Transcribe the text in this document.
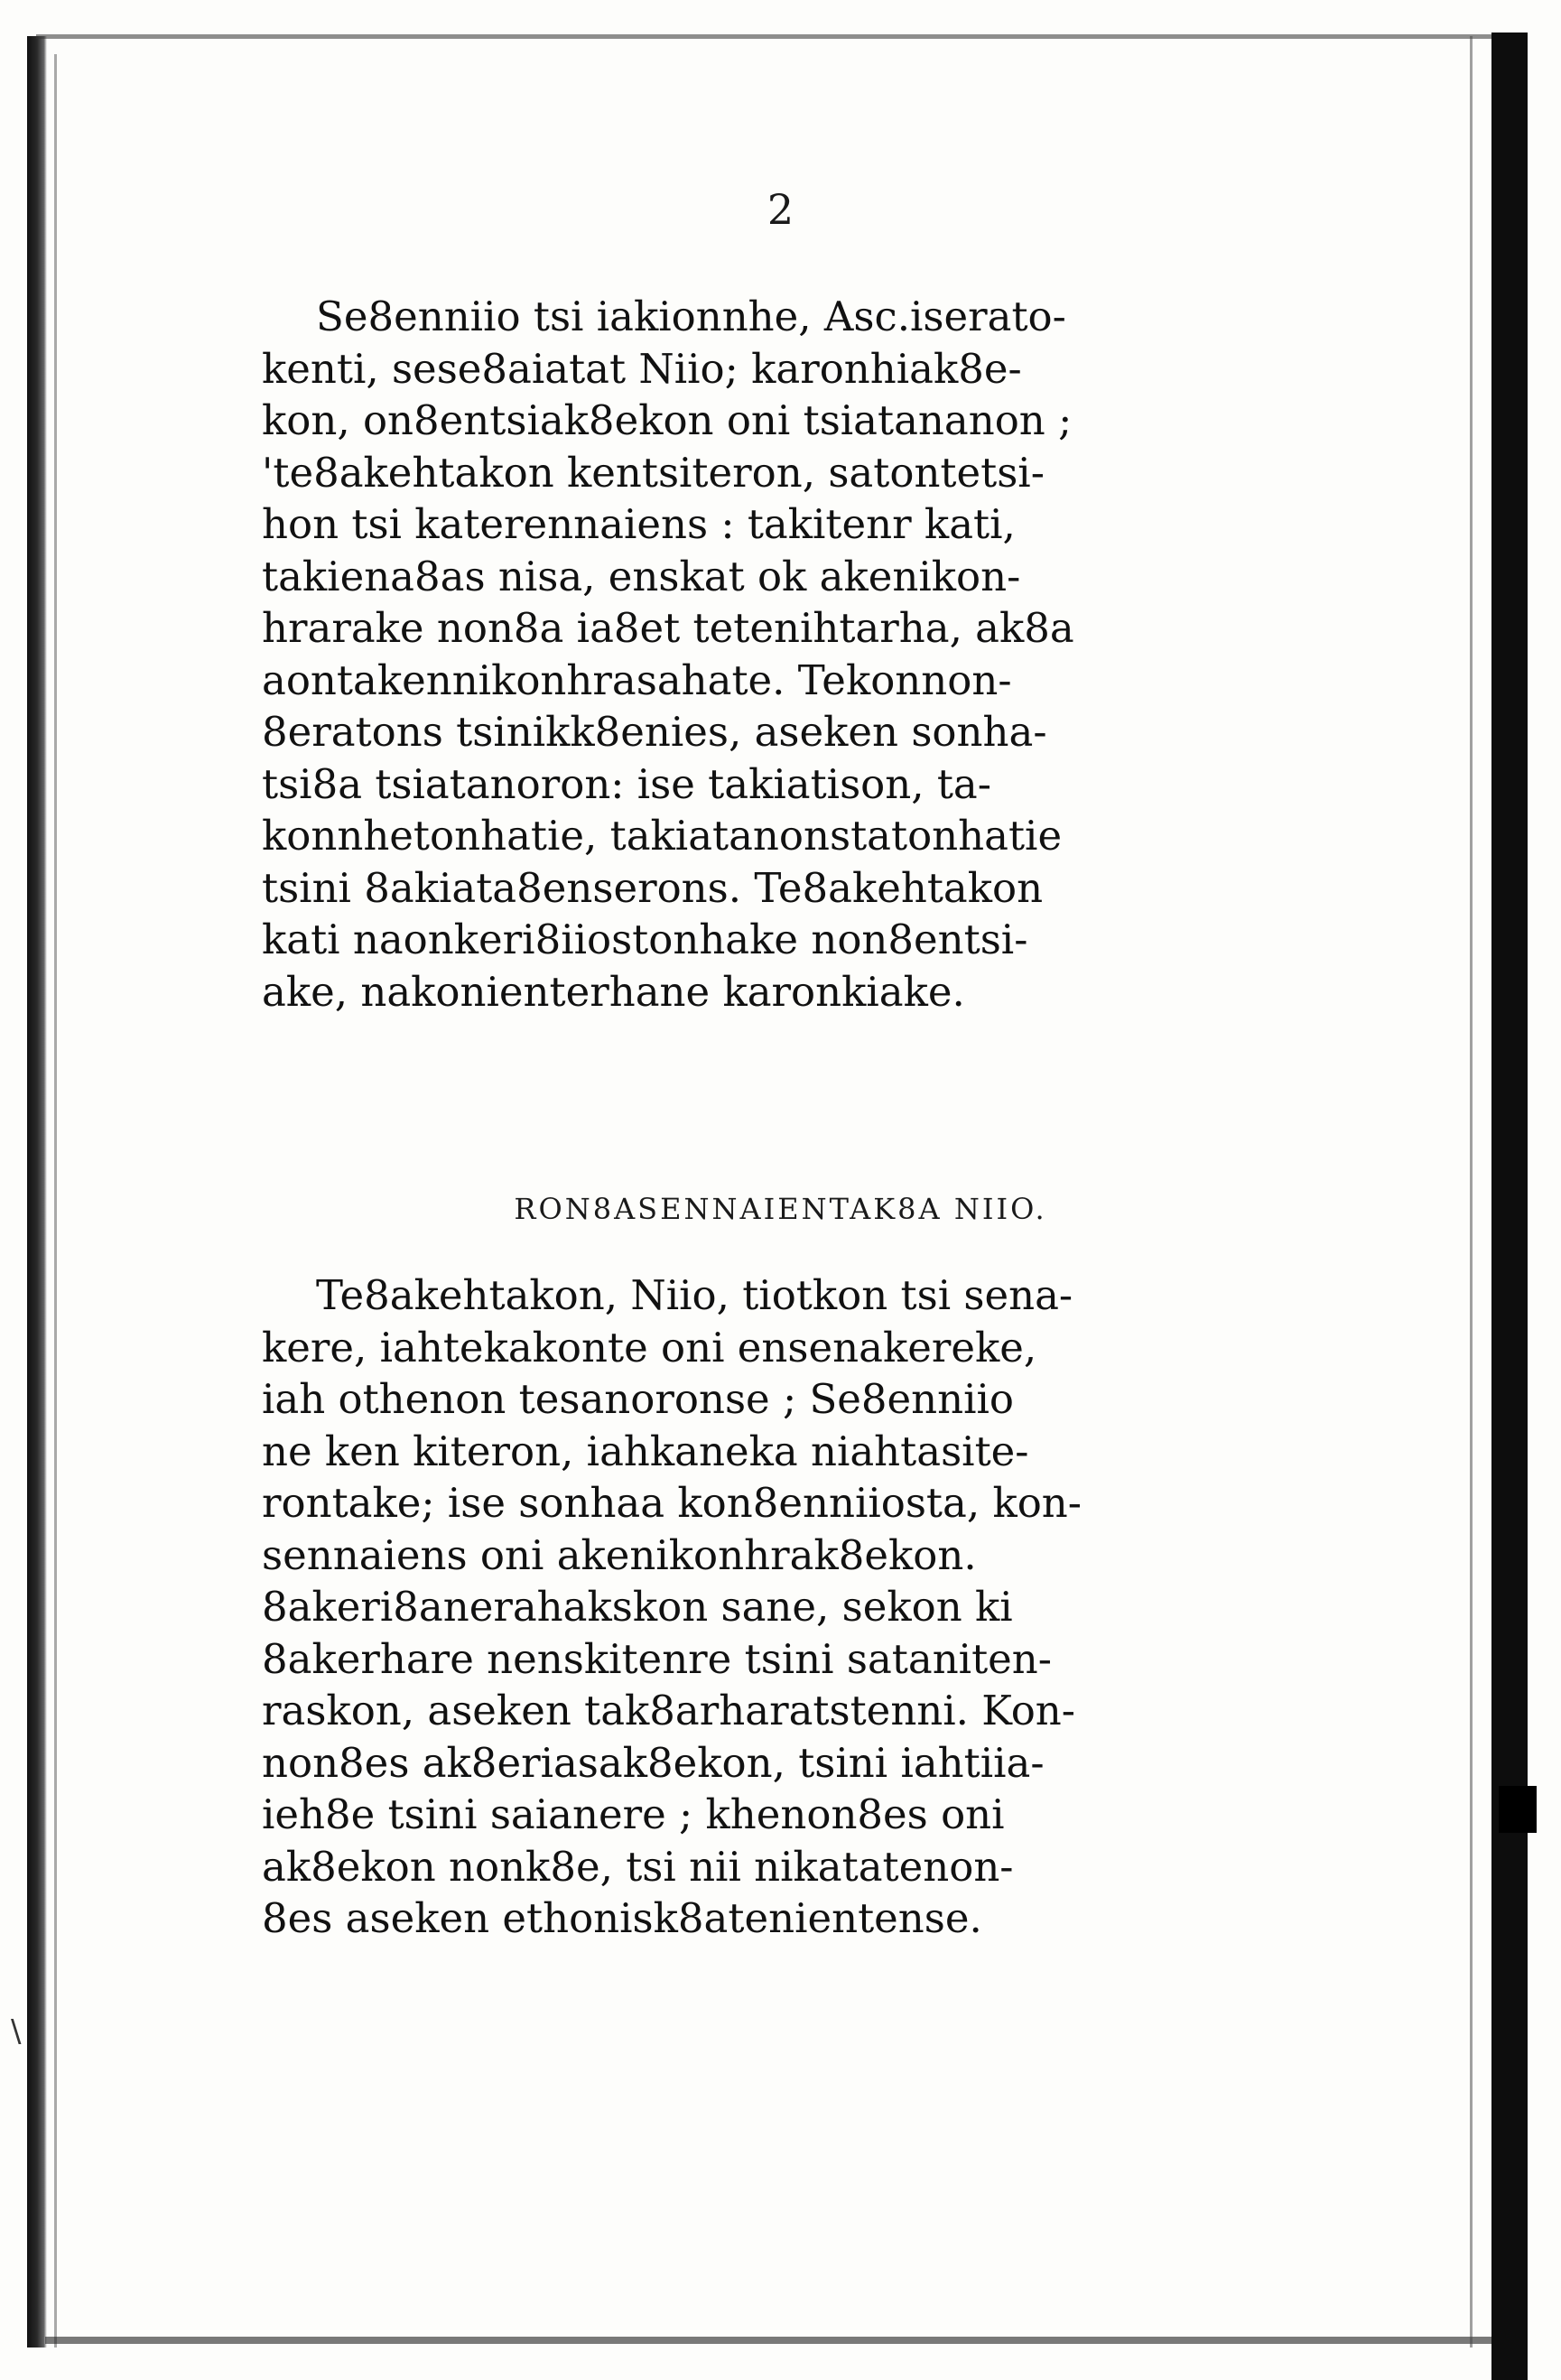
2
Se8enniio tsi iakionnhe, Asc.iserato-
kenti, sese8aiatat Niio; karonhiak8e-
kon, on8entsiak8ekon oni tsiatananon ;
'te8akehtakon kentsiteron, satontetsi-
hon tsi katerennaiens : takitenr kati,
takiena8as nisa, enskat ok akenikon-
hrarake non8a ia8et tetenihtarha, ak8a
aontakennikonhrasahate. Tekonnon-
8eratons tsinikk8enies, aseken sonha-
tsi8a tsiatanoron: ise takiatison, ta-
konnhetonhatie, takiatanonstatonhatie
tsini 8akiata8enserons. Te8akehtakon
kati naonkeri8iiostonhake non8entsi-
ake, nakonienterhane karonkiake.
RON8ASENNAIENTAK8A NIIO.
Te8akehtakon, Niio, tiotkon tsi sena-
kere, iahtekakonte oni ensenakereke,
iah othenon tesanoronse ; Se8enniio
ne ken kiteron, iahkaneka niahtasite-
rontake; ise sonhaa kon8enniiosta, kon-
sennaiens oni akenikonhrak8ekon.
8akeri8anerahakskon sane, sekon ki
8akerhare nenskitenre tsini sataniten-
raskon, aseken tak8arharatstenni. Kon-
non8es ak8eriasak8ekon, tsini iahtiia-
ieh8e tsini saianere ; khenon8es oni
ak8ekon nonk8e, tsi nii nikatatenon-
8es aseken ethonisk8atenientense.
\
